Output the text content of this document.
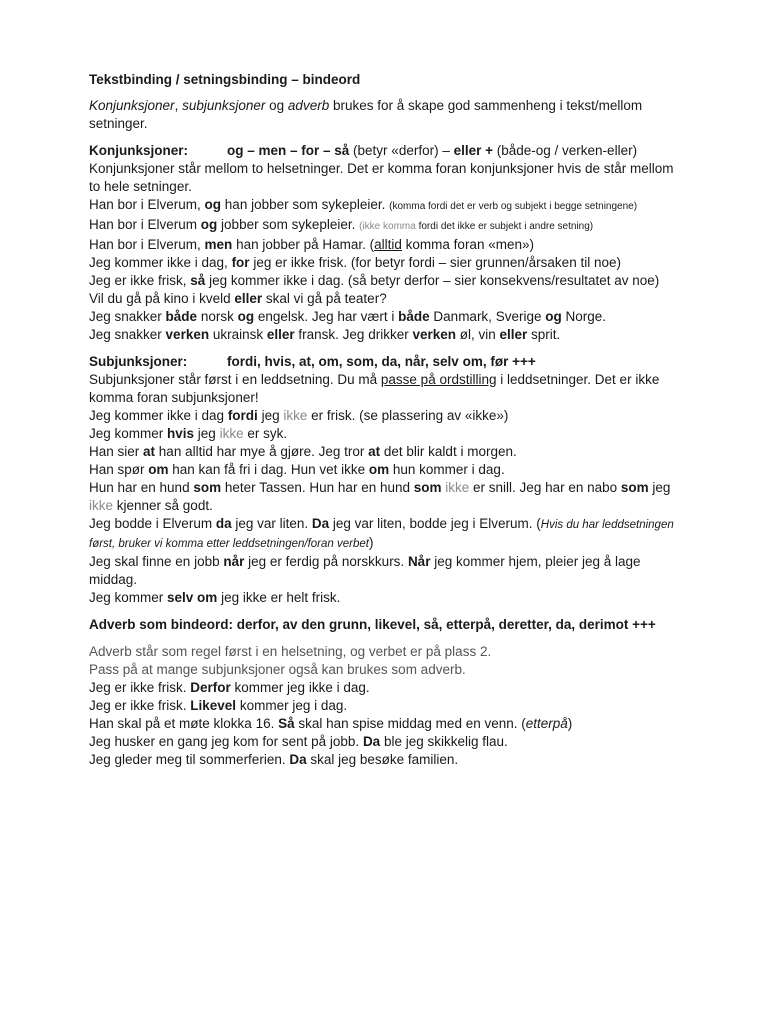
Tekstbinding / setningsbinding – bindeord

Konjunksjoner, subjunksjoner og adverb brukes for å skape god sammenheng i tekst/mellom setninger.

Konjunksjoner:	og – men – for – så (betyr «derfor) – eller + (både-og / verken-eller)

Konjunksjoner står mellom to helsetninger. Det er komma foran konjunksjoner hvis de står mellom to hele setninger.

Han bor i Elverum, og han jobber som sykepleier. (komma fordi det er verb og subjekt i begge setningene)

Han bor i Elverum og jobber som sykepleier. (ikke komma fordi det ikke er subjekt i andre setning)

Han bor i Elverum, men han jobber på Hamar. (alltid komma foran «men»)

Jeg kommer ikke i dag, for jeg er ikke frisk. (for betyr fordi – sier grunnen/årsaken til noe)

Jeg er ikke frisk, så jeg kommer ikke i dag. (så betyr derfor – sier konsekvens/resultatet av noe)

Vil du gå på kino i kveld eller skal vi gå på teater?

Jeg snakker både norsk og engelsk. Jeg har vært i både Danmark, Sverige og Norge.

Jeg snakker verken ukrainsk eller fransk. Jeg drikker verken øl, vin eller sprit.

Subjunksjoner:	fordi, hvis, at, om, som, da, når, selv om, før +++

Subjunksjoner står først i en leddsetning. Du må passe på ordstilling i leddsetninger. Det er ikke komma foran subjunksjoner!

Jeg kommer ikke i dag fordi jeg ikke er frisk. (se plassering av «ikke»)

Jeg kommer hvis jeg ikke er syk.

Han sier at han alltid har mye å gjøre. Jeg tror at det blir kaldt i morgen.

Han spør om han kan få fri i dag. Hun vet ikke om hun kommer i dag.

Hun har en hund som heter Tassen. Hun har en hund som ikke er snill. Jeg har en nabo som jeg ikke kjenner så godt.

Jeg bodde i Elverum da jeg var liten. Da jeg var liten, bodde jeg i Elverum. (Hvis du har leddsetningen først, bruker vi komma etter leddsetningen/foran verbet)

Jeg skal finne en jobb når jeg er ferdig på norskkurs. Når jeg kommer hjem, pleier jeg å lage middag.

Jeg kommer selv om jeg ikke er helt frisk.

Adverb som bindeord: derfor, av den grunn, likevel, så, etterpå, deretter, da, derimot +++

Adverb står som regel først i en helsetning, og verbet er på plass 2.

Pass på at mange subjunksjoner også kan brukes som adverb.

Jeg er ikke frisk. Derfor kommer jeg ikke i dag.

Jeg er ikke frisk. Likevel kommer jeg i dag.

Han skal på et møte klokka 16. Så skal han spise middag med en venn. (etterpå)

Jeg husker en gang jeg kom for sent på jobb. Da ble jeg skikkelig flau.

Jeg gleder meg til sommerferien. Da skal jeg besøke familien.
